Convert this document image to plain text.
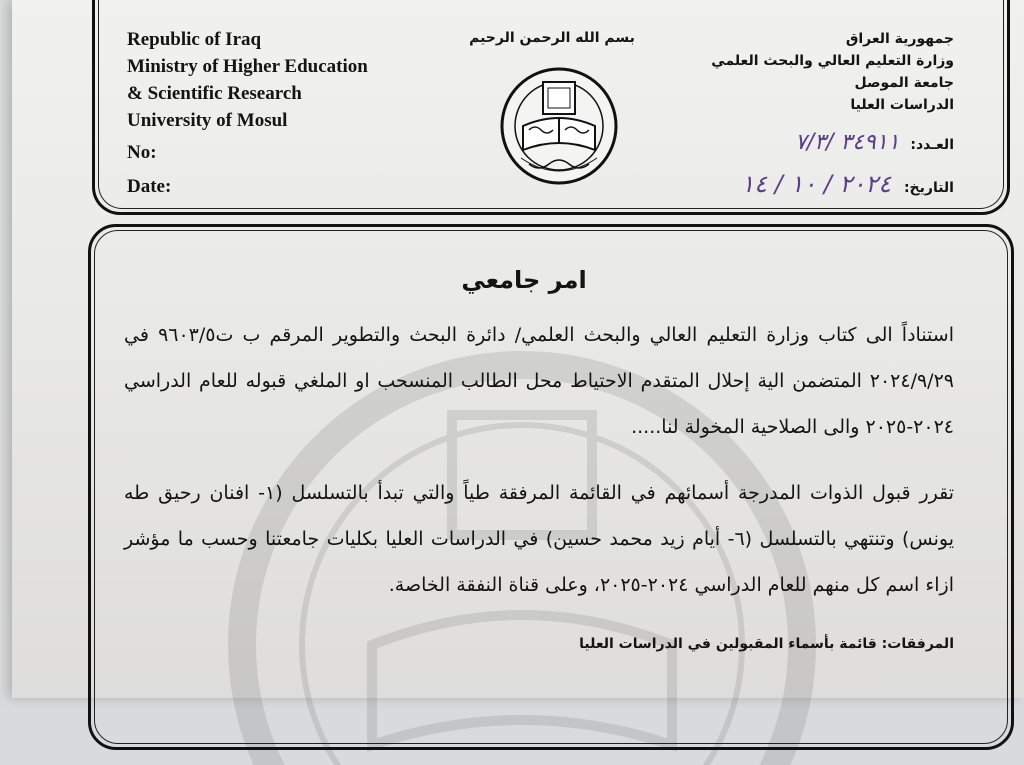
Republic of Iraq
Ministry of Higher Education
& Scientific Research
University of Mosul
No:
Date:
بسم الله الرحمن الرحيم	جمهورية العراق
وزارة التعليم العالي والبحث العلمي
جامعة الموصل
الدراسات العليا
العـدد: ٣٤٩١١ /٧/٣
التاريخ: ٢٠٢٤ / ١٠ / ١٤
امر جامعي
استناداً الى كتاب وزارة التعليم العالي والبحث العلمي/ دائرة البحث والتطوير المرقم ب ت٩٦٠٣/٥ في ٢٠٢٤/٩/٢٩ المتضمن الية إحلال المتقدم الاحتياط محل الطالب المنسحب او الملغي قبوله للعام الدراسي ٢٠٢٤-٢٠٢٥ والى الصلاحية المخولة لنا.....
تقرر قبول الذوات المدرجة أسمائهم في القائمة المرفقة طياً والتي تبدأ بالتسلسل (١- افنان رحيق طه يونس) وتنتهي بالتسلسل (٦- أيام زيد محمد حسين) في الدراسات العليا بكليات جامعتنا وحسب ما مؤشر ازاء اسم كل منهم للعام الدراسي ٢٠٢٤-٢٠٢٥، وعلى قناة النفقة الخاصة.
المرفقات: قائمة بأسماء المقبولين في الدراسات العليا
